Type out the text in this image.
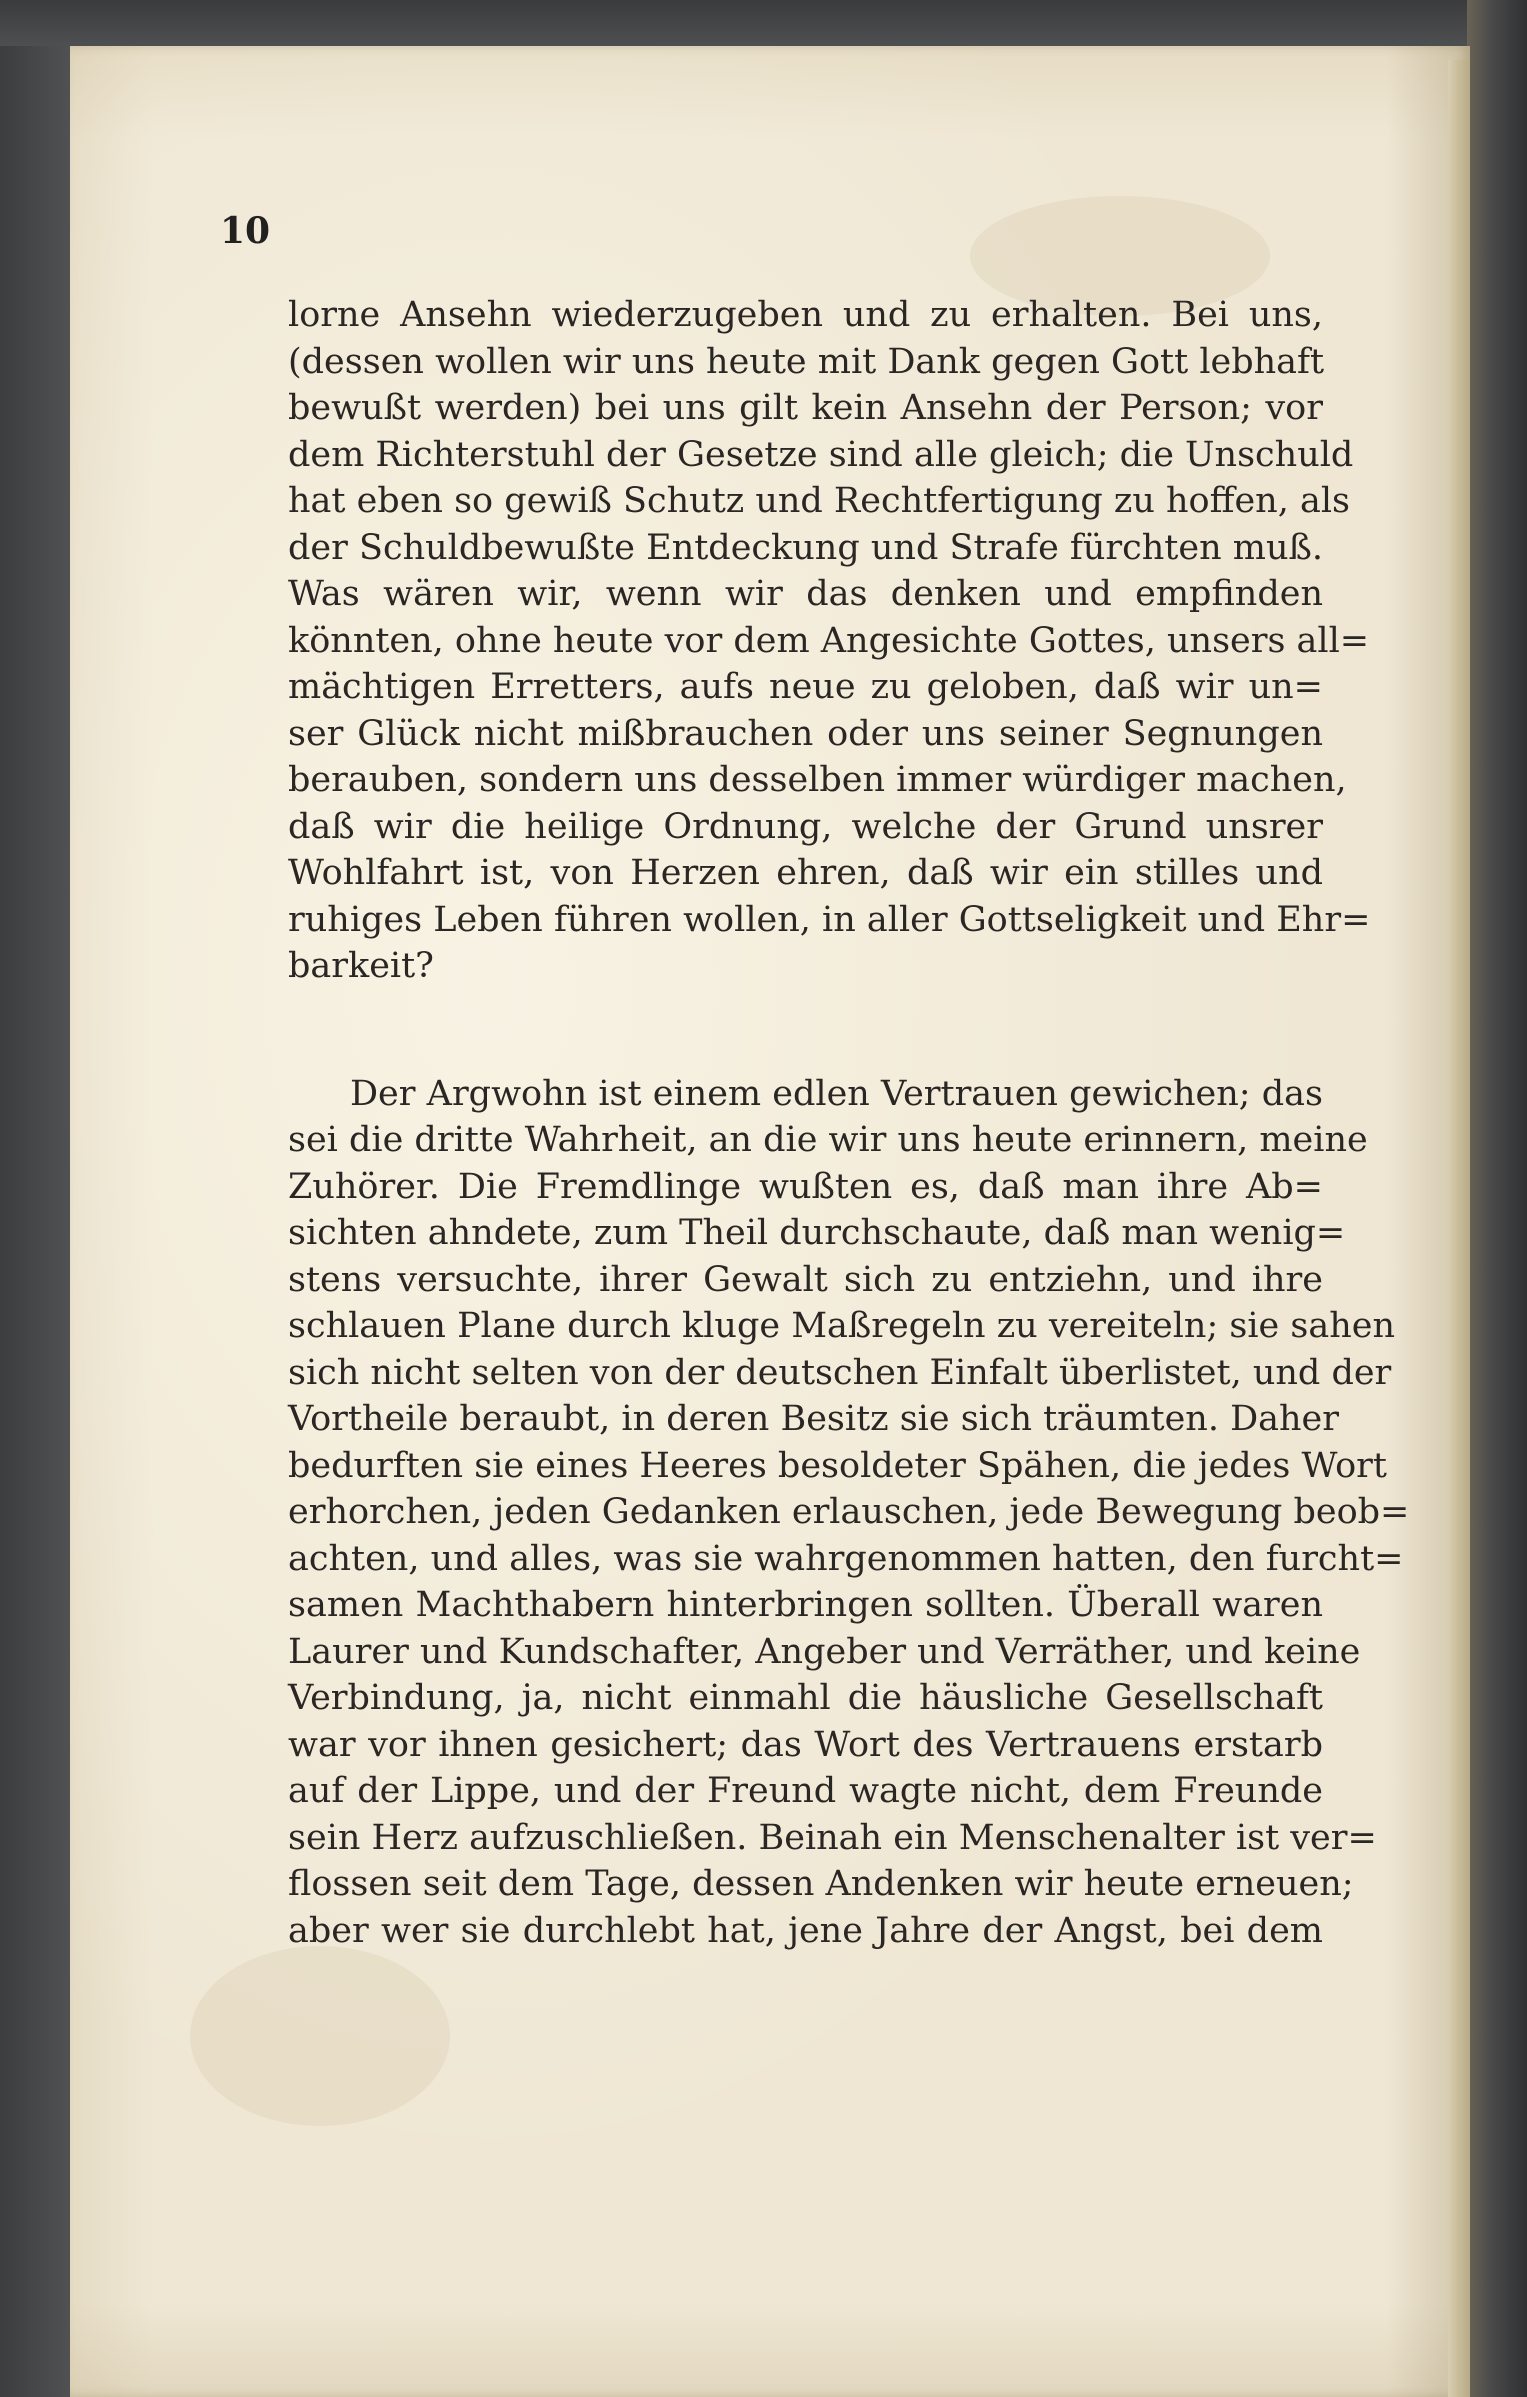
10
lorne Ansehn wiederzugeben und zu erhalten. Bei uns,
(dessen wollen wir uns heute mit Dank gegen Gott lebhaft
bewußt werden) bei uns gilt kein Ansehn der Person; vor
dem Richterstuhl der Gesetze sind alle gleich; die Unschuld
hat eben so gewiß Schutz und Rechtfertigung zu hoffen, als
der Schuldbewußte Entdeckung und Strafe fürchten muß.
Was wären wir, wenn wir das denken und empfinden
könnten, ohne heute vor dem Angesichte Gottes, unsers all=
mächtigen Erretters, aufs neue zu geloben, daß wir un=
ser Glück nicht mißbrauchen oder uns seiner Segnungen
berauben, sondern uns desselben immer würdiger machen,
daß wir die heilige Ordnung, welche der Grund unsrer
Wohlfahrt ist, von Herzen ehren, daß wir ein stilles und
ruhiges Leben führen wollen, in aller Gottseligkeit und Ehr=
barkeit?
Der Argwohn ist einem edlen Vertrauen gewichen; das
sei die dritte Wahrheit, an die wir uns heute erinnern, meine
Zuhörer. Die Fremdlinge wußten es, daß man ihre Ab=
sichten ahndete, zum Theil durchschaute, daß man wenig=
stens versuchte, ihrer Gewalt sich zu entziehn, und ihre
schlauen Plane durch kluge Maßregeln zu vereiteln; sie sahen
sich nicht selten von der deutschen Einfalt überlistet, und der
Vortheile beraubt, in deren Besitz sie sich träumten. Daher
bedurften sie eines Heeres besoldeter Spähen, die jedes Wort
erhorchen, jeden Gedanken erlauschen, jede Bewegung beob=
achten, und alles, was sie wahrgenommen hatten, den furcht=
samen Machthabern hinterbringen sollten. Überall waren
Laurer und Kundschafter, Angeber und Verräther, und keine
Verbindung, ja, nicht einmahl die häusliche Gesellschaft
war vor ihnen gesichert; das Wort des Vertrauens erstarb
auf der Lippe, und der Freund wagte nicht, dem Freunde
sein Herz aufzuschließen. Beinah ein Menschenalter ist ver=
flossen seit dem Tage, dessen Andenken wir heute erneuen;
aber wer sie durchlebt hat, jene Jahre der Angst, bei dem
